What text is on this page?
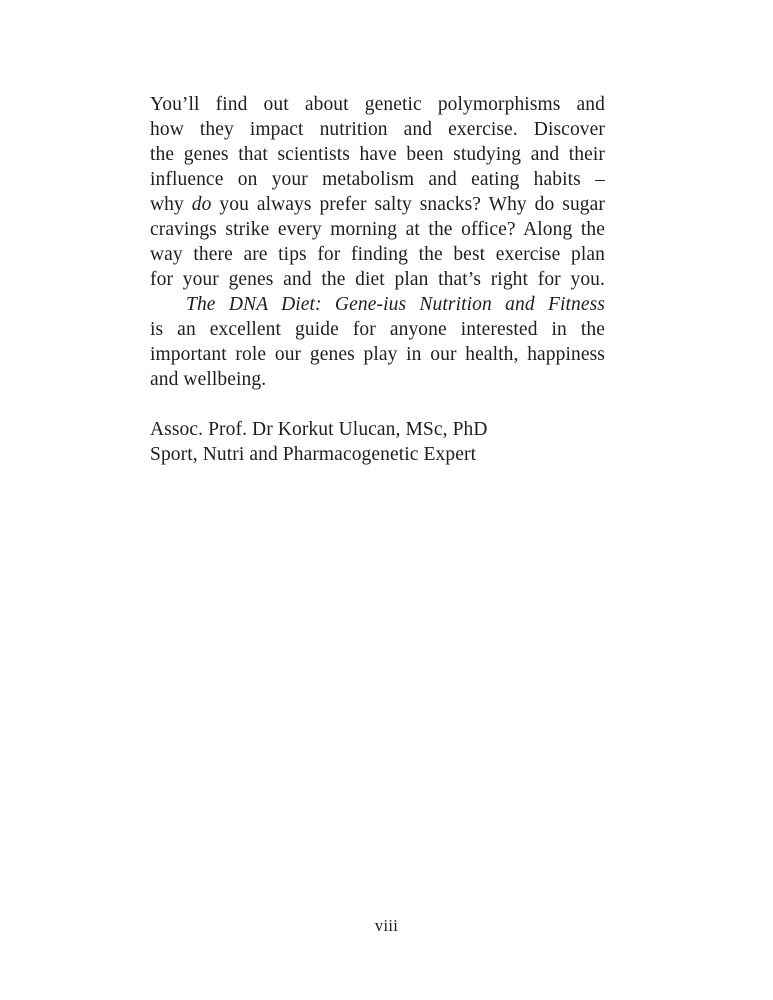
You’ll find out about genetic polymorphisms and
how they impact nutrition and exercise. Discover
the genes that scientists have been studying and their
influence on your metabolism and eating habits –
why do you always prefer salty snacks? Why do sugar
cravings strike every morning at the office? Along the
way there are tips for finding the best exercise plan
for your genes and the diet plan that’s right for you.
The DNA Diet: Gene-ius Nutrition and Fitness
is an excellent guide for anyone interested in the
important role our genes play in our health, happiness
and wellbeing.
Assoc. Prof. Dr Korkut Ulucan, MSc, PhD
Sport, Nutri and Pharmacogenetic Expert
viii
